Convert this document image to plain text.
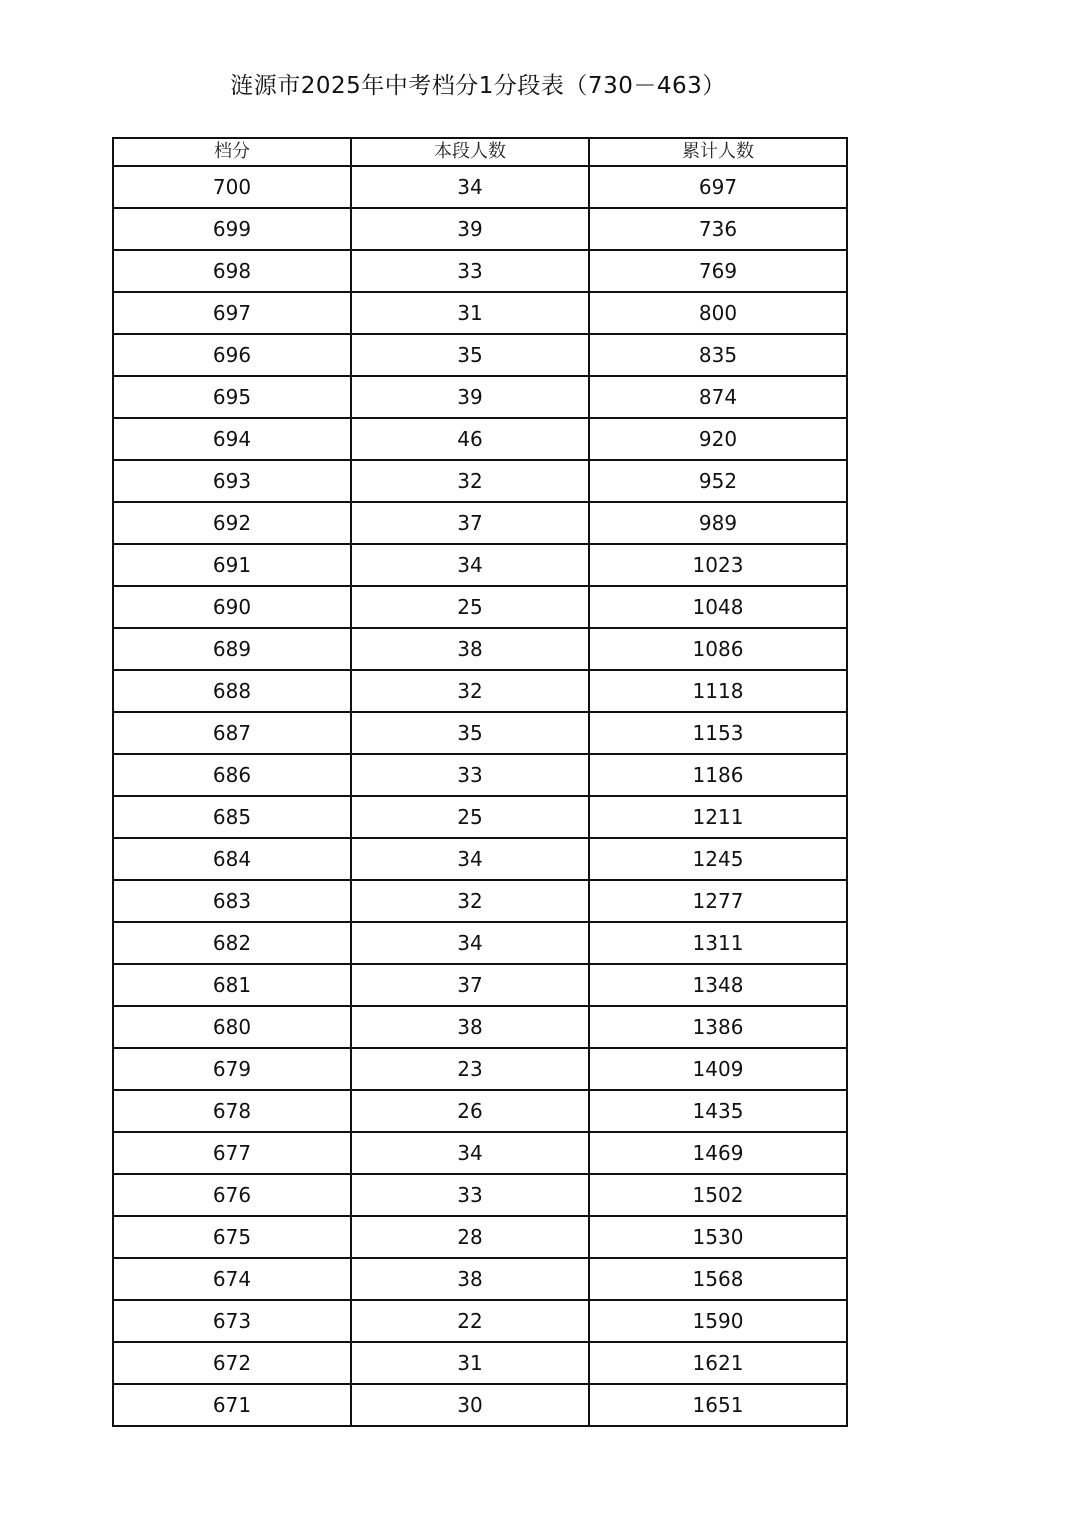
涟源市2025年中考档分1分段表（730－463）
档分	本段人数	累计人数
700	34	697
699	39	736
698	33	769
697	31	800
696	35	835
695	39	874
694	46	920
693	32	952
692	37	989
691	34	1023
690	25	1048
689	38	1086
688	32	1118
687	35	1153
686	33	1186
685	25	1211
684	34	1245
683	32	1277
682	34	1311
681	37	1348
680	38	1386
679	23	1409
678	26	1435
677	34	1469
676	33	1502
675	28	1530
674	38	1568
673	22	1590
672	31	1621
671	30	1651
